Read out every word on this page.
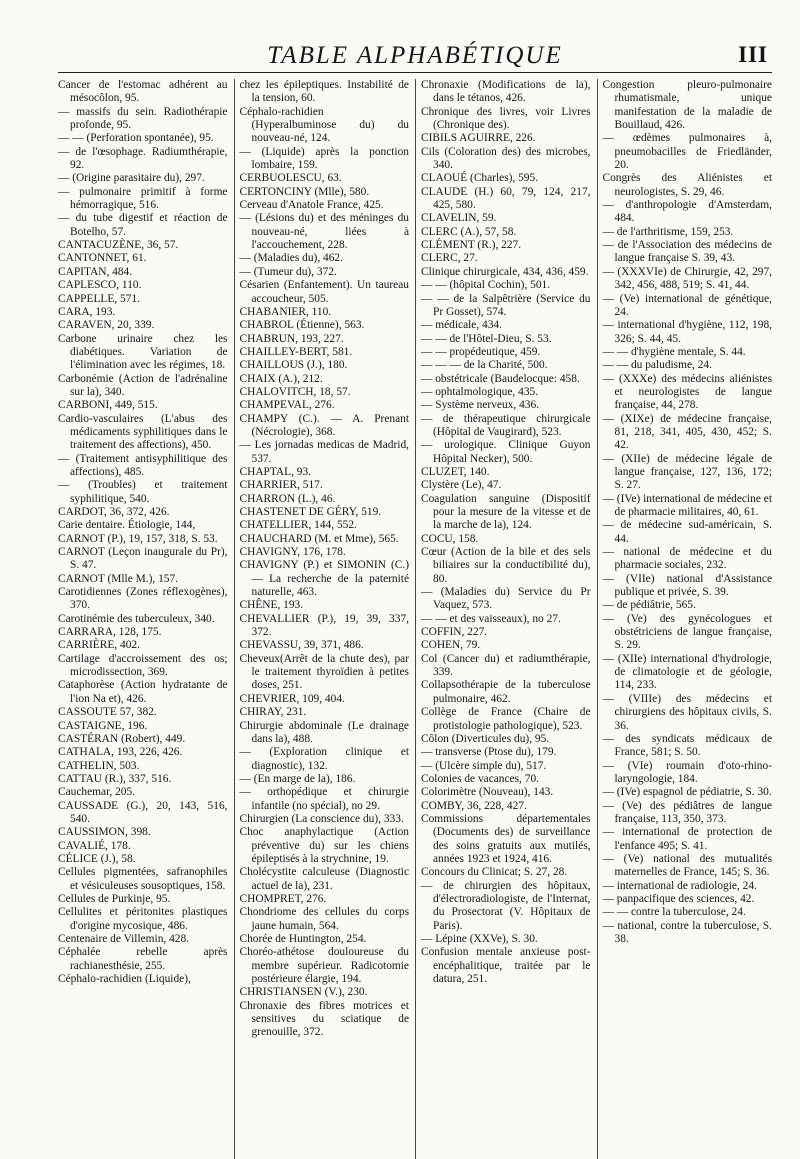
TABLE ALPHABÉTIQUE	III

Cancer de l'estomac adhérent au mésocôlon, 95.

— massifs du sein. Radiothérapie profonde, 95.

— — (Perforation spontanée), 95.

— de l'œsophage. Radiumthérapie, 92.

— (Origine parasitaire du), 297.

— pulmonaire primitif à forme hémorragique, 516.

— du tube digestif et réaction de Botelho, 57.

CANTACUZÈNE, 36, 57.

CANTONNET, 61.

CAPITAN, 484.

CAPLESCO, 110.

CAPPELLE, 571.

CARA, 193.

CARAVEN, 20, 339.

Carbone urinaire chez les diabétiques. Variation de l'élimination avec les régimes, 18.

Carbonémie (Action de l'adrénaline sur la), 340.

CARBONI, 449, 515.

Cardio-vasculaires (L'abus des médicaments syphilitiques dans le traitement des affections), 450.

— (Traitement antisyphilitique des affections), 485.

— (Troubles) et traitement syphilitique, 540.

CARDOT, 36, 372, 426.

Carie dentaire. Étiologie, 144,

CARNOT (P.), 19, 157, 318, S. 53.

CARNOT (Leçon inaugurale du Pr), S. 47.

CARNOT (Mlle M.), 157.

Carotidiennes (Zones réflexogènes), 370.

Carotinémie des tuberculeux, 340.

CARRARA, 128, 175.

CARRIÈRE, 402.

Cartilage d'accroissement des os; microdissection, 369.

Cataphorèse (Action hydratante de l'ion Na et), 426.

CASSOUTE 57, 382.

CASTAIGNE, 196.

CASTÉRAN (Robert), 449.

CATHALA, 193, 226, 426.

CATHELIN, 503.

CATTAU (R.), 337, 516.

Cauchemar, 205.

CAUSSADE (G.), 20, 143, 516, 540.

CAUSSIMON, 398.

CAVALIÉ, 178.

CÉLICE (J.), 58.

Cellules pigmentées, safranophiles et vésiculeuses sousoptiques, 158.

Cellules de Purkinje, 95.

Cellulites et péritonites plastiques d'origine mycosique, 486.

Centenaire de Villemin, 428.

Céphalée rebelle après rachianesthésie, 255.

Céphalo-rachidien (Liquide),

chez les épileptiques. Instabilité de la tension, 60.

Céphalo-rachidien (Hyperalbuminose du) du nouveau-né, 124.

— (Liquide) après la ponction lombaire, 159.

CERBUOLESCU, 63.

CERTONCINY (Mlle), 580.

Cerveau d'Anatole France, 425.

— (Lésions du) et des méninges du nouveau-né, liées à l'accouchement, 228.

— (Maladies du), 462.

— (Tumeur du), 372.

Césarien (Enfantement). Un taureau accoucheur, 505.

CHABANIER, 110.

CHABROL (Étienne), 563.

CHABRUN, 193, 227.

CHAILLEY-BERT, 581.

CHAILLOUS (J.), 180.

CHAIX (A.), 212.

CHALOVITCH, 18, 57.

CHAMPEVAL, 276.

CHAMPY (C.). — A. Prenant (Nécrologie), 368.

— Les jornadas medicas de Madrid, 537.

CHAPTAL, 93.

CHARRIER, 517.

CHARRON (L.), 46.

CHASTENET DE GÉRY, 519.

CHATELLIER, 144, 552.

CHAUCHARD (M. et Mme), 565.

CHAVIGNY, 176, 178.

CHAVIGNY (P.) et SIMONIN (C.) — La recherche de la paternité naturelle, 463.

CHÊNE, 193.

CHEVALLIER (P.), 19, 39, 337, 372.

CHEVASSU, 39, 371, 486.

Cheveux(Arrêt de la chute des), par le traitement thyroïdien à petites doses, 251.

CHEVRIER, 109, 404.

CHIRAY, 231.

Chirurgie abdominale (Le drainage dans la), 488.

— (Exploration clinique et diagnostic), 132.

— (En marge de la), 186.

— orthopédique et chirurgie infantile (no spécial), no 29.

Chirurgien (La conscience du), 333.

Choc anaphylactique (Action préventive du) sur les chiens épileptisés à la strychnine, 19.

Cholécystite calculeuse (Diagnostic actuel de la), 231.

CHOMPRET, 276.

Chondriome des cellules du corps jaune humain, 564.

Chorée de Huntington, 254.

Choréo-athétose douloureuse du membre supérieur. Radicotomie postérieure élargie, 194.

CHRISTIANSEN (V.), 230.

Chronaxie des fibres motrices et sensitives du sciatique de grenouille, 372.

Chronaxie (Modifications de la), dans le tétanos, 426.

Chronique des livres, voir Livres (Chronique des).

CIBILS AGUIRRE, 226.

Cils (Coloration des) des microbes, 340.

CLAOUÉ (Charles), 595.

CLAUDE (H.) 60, 79, 124, 217, 425, 580.

CLAVELIN, 59.

CLERC (A.), 57, 58.

CLÉMENT (R.), 227.

CLERC, 27.

Clinique chirurgicale, 434, 436, 459.

— — (hôpital Cochin), 501.

— — de la Salpêtrière (Service du Pr Gosset), 574.

— médicale, 434.

— — de l'Hôtel-Dieu, S. 53.

— — propédeutique, 459.

— — — de la Charité, 500.

— obstétricale (Baudelocque: 458.

— ophtalmologique, 435.

— Système nerveux, 436.

— de thérapeutique chirurgicale (Hôpital de Vaugirard), 523.

— urologique. Clinique Guyon Hôpital Necker), 500.

CLUZET, 140.

Clystère (Le), 47.

Coagulation sanguine (Dispositif pour la mesure de la vitesse et de la marche de la), 124.

COCU, 158.

Cœur (Action de la bile et des sels biliaires sur la conductibilité du), 80.

— (Maladies du) Service du Pr Vaquez, 573.

— — et des vaisseaux), no 27.

COFFIN, 227.

COHEN, 79.

Col (Cancer du) et radiumthérapie, 339.

Collapsothérapie de la tuberculose pulmonaire, 462.

Collège de France (Chaire de protistologie pathologique), 523.

Côlon (Diverticules du), 95.

— transverse (Ptose du), 179.

— (Ulcère simple du), 517.

Colonies de vacances, 70.

Colorimètre (Nouveau), 143.

COMBY, 36, 228, 427.

Commissions départementales (Documents des) de surveillance des soins gratuits aux mutilés, années 1923 et 1924, 416.

Concours du Clinicat; S. 27, 28.

— de chirurgien des hôpitaux, d'électroradiologiste, de l'Internat, du Prosectorat (V. Hôpitaux de Paris).

— Lépine (XXVe), S. 30.

Confusion mentale anxieuse post-encéphalitique, traitée par le datura, 251.

Congestion pleuro-pulmonaire rhumatismale, unique manifestation de la maladie de Bouillaud, 426.

— œdèmes pulmonaires à, pneumobacilles de Friedländer, 20.

Congrès des Aliénistes et neurologistes, S. 29, 46.

— d'anthropologie d'Amsterdam, 484.

— de l'arthritisme, 159, 253.

— de l'Association des médecins de langue française S. 39, 43.

— (XXXVIe) de Chirurgie, 42, 297, 342, 456, 488, 519; S. 41, 44.

— (Ve) international de génétique, 24.

— international d'hygiène, 112, 198, 326; S. 44, 45.

— — d'hygiène mentale, S. 44.

— — du paludisme, 24.

— (XXXe) des médecins aliénistes et neurologistes de langue française, 44, 278.

— (XIXe) de médecine française, 81, 218, 341, 405, 430, 452; S. 42.

— (XIIe) de médecine légale de langue française, 127, 136, 172; S. 27.

— (IVe) international de médecine et de pharmacie militaires, 40, 61.

— de médecine sud-américain, S. 44.

— national de médecine et du pharmacie sociales, 232.

— (VIIe) national d'Assistance publique et privée, S. 39.

— de pédiâtrie, 565.

— (Ve) des gynécologues et obstétriciens de langue française, S. 29.

— (XIIe) international d'hydrologie, de climatologie et de géologie, 114, 233.

— (VIIIe) des médecins et chirurgiens des hôpitaux civils, S. 36.

— des syndicats médicaux de France, 581; S. 50.

— (VIe) roumain d'oto-rhino-laryngologie, 184.

— (IVe) espagnol de pédiatrie, S. 30.

— (Ve) des pédiâtres de langue française, 113, 350, 373.

— international de protection de l'enfance 495; S. 41.

— (Ve) national des mutualités maternelles de France, 145; S. 36.

— international de radiologie, 24.

— panpacifique des sciences, 42.

— — contre la tuberculose, 24.

— national, contre la tuberculose, S. 38.
